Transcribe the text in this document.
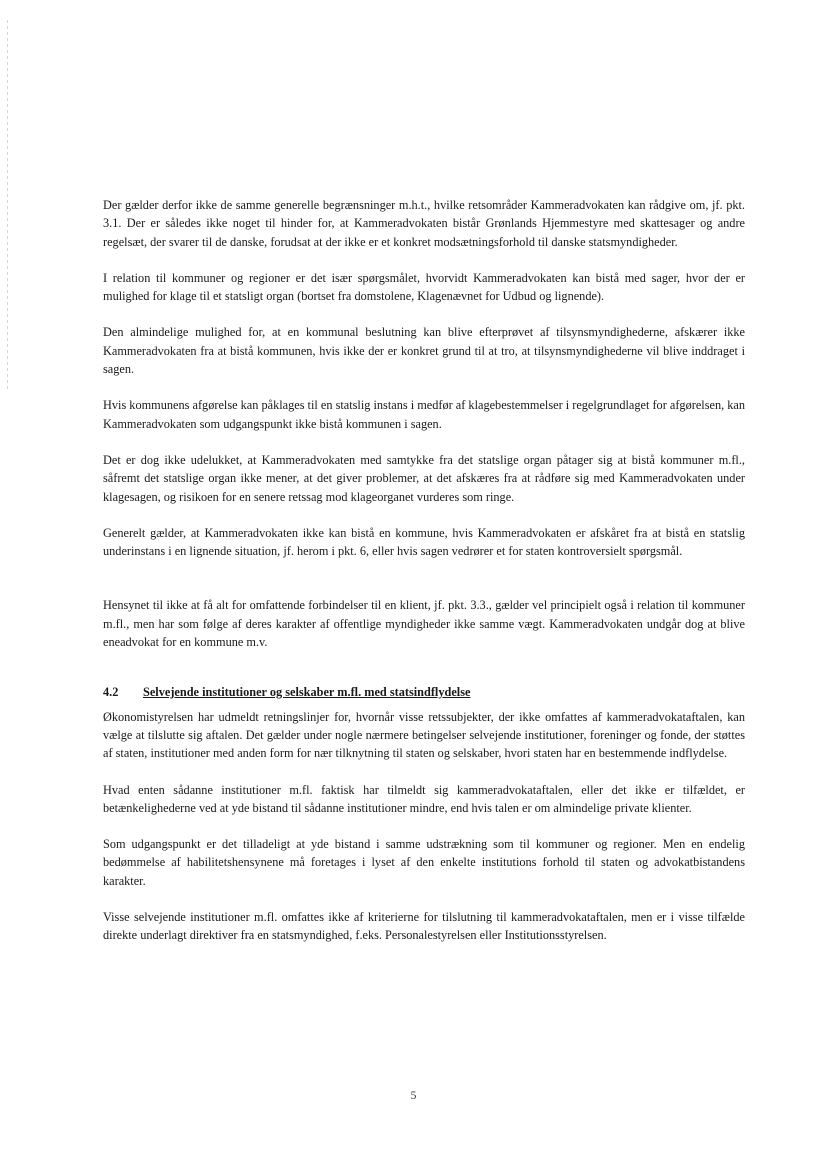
Der gælder derfor ikke de samme generelle begrænsninger m.h.t., hvilke retsområder Kammeradvokaten kan rådgive om, jf. pkt. 3.1. Der er således ikke noget til hinder for, at Kammeradvokaten bistår Grønlands Hjemmestyre med skattesager og andre regelsæt, der svarer til de danske, forudsat at der ikke er et konkret modsætningsforhold til danske statsmyndigheder.

I relation til kommuner og regioner er det især spørgsmålet, hvorvidt Kammeradvokaten kan bistå med sager, hvor der er mulighed for klage til et statsligt organ (bortset fra domstolene, Klagenævnet for Udbud og lignende).

Den almindelige mulighed for, at en kommunal beslutning kan blive efterprøvet af tilsynsmyndighederne, afskærer ikke Kammeradvokaten fra at bistå kommunen, hvis ikke der er konkret grund til at tro, at tilsynsmyndighederne vil blive inddraget i sagen.

Hvis kommunens afgørelse kan påklages til en statslig instans i medfør af klagebestemmelser i regelgrundlaget for afgørelsen, kan Kammeradvokaten som udgangspunkt ikke bistå kommunen i sagen.

Det er dog ikke udelukket, at Kammeradvokaten med samtykke fra det statslige organ påtager sig at bistå kommuner m.fl., såfremt det statslige organ ikke mener, at det giver problemer, at det afskæres fra at rådføre sig med Kammeradvokaten under klagesagen, og risikoen for en senere retssag mod klageorganet vurderes som ringe.

Generelt gælder, at Kammeradvokaten ikke kan bistå en kommune, hvis Kammeradvokaten er afskåret fra at bistå en statslig underinstans i en lignende situation, jf. herom i pkt. 6, eller hvis sagen vedrører et for staten kontroversielt spørgsmål.

Hensynet til ikke at få alt for omfattende forbindelser til en klient, jf. pkt. 3.3., gælder vel principielt også i relation til kommuner m.fl., men har som følge af deres karakter af offentlige myndigheder ikke samme vægt. Kammeradvokaten undgår dog at blive eneadvokat for en kommune m.v.

4.2	Selvejende institutioner og selskaber m.fl. med statsindflydelse

Økonomistyrelsen har udmeldt retningslinjer for, hvornår visse retssubjekter, der ikke omfattes af kammeradvokataftalen, kan vælge at tilslutte sig aftalen. Det gælder under nogle nærmere betingelser selvejende institutioner, foreninger og fonde, der støttes af staten, institutioner med anden form for nær tilknytning til staten og selskaber, hvori staten har en bestemmende indflydelse.

Hvad enten sådanne institutioner m.fl. faktisk har tilmeldt sig kammeradvokataftalen, eller det ikke er tilfældet, er betænkelighederne ved at yde bistand til sådanne institutioner mindre, end hvis talen er om almindelige private klienter.

Som udgangspunkt er det tilladeligt at yde bistand i samme udstrækning som til kommuner og regioner. Men en endelig bedømmelse af habilitetshensynene må foretages i lyset af den enkelte institutions forhold til staten og advokatbistandens karakter.

Visse selvejende institutioner m.fl. omfattes ikke af kriterierne for tilslutning til kammeradvokataftalen, men er i visse tilfælde direkte underlagt direktiver fra en statsmyndighed, f.eks. Personalestyrelsen eller Institutionsstyrelsen.

5
